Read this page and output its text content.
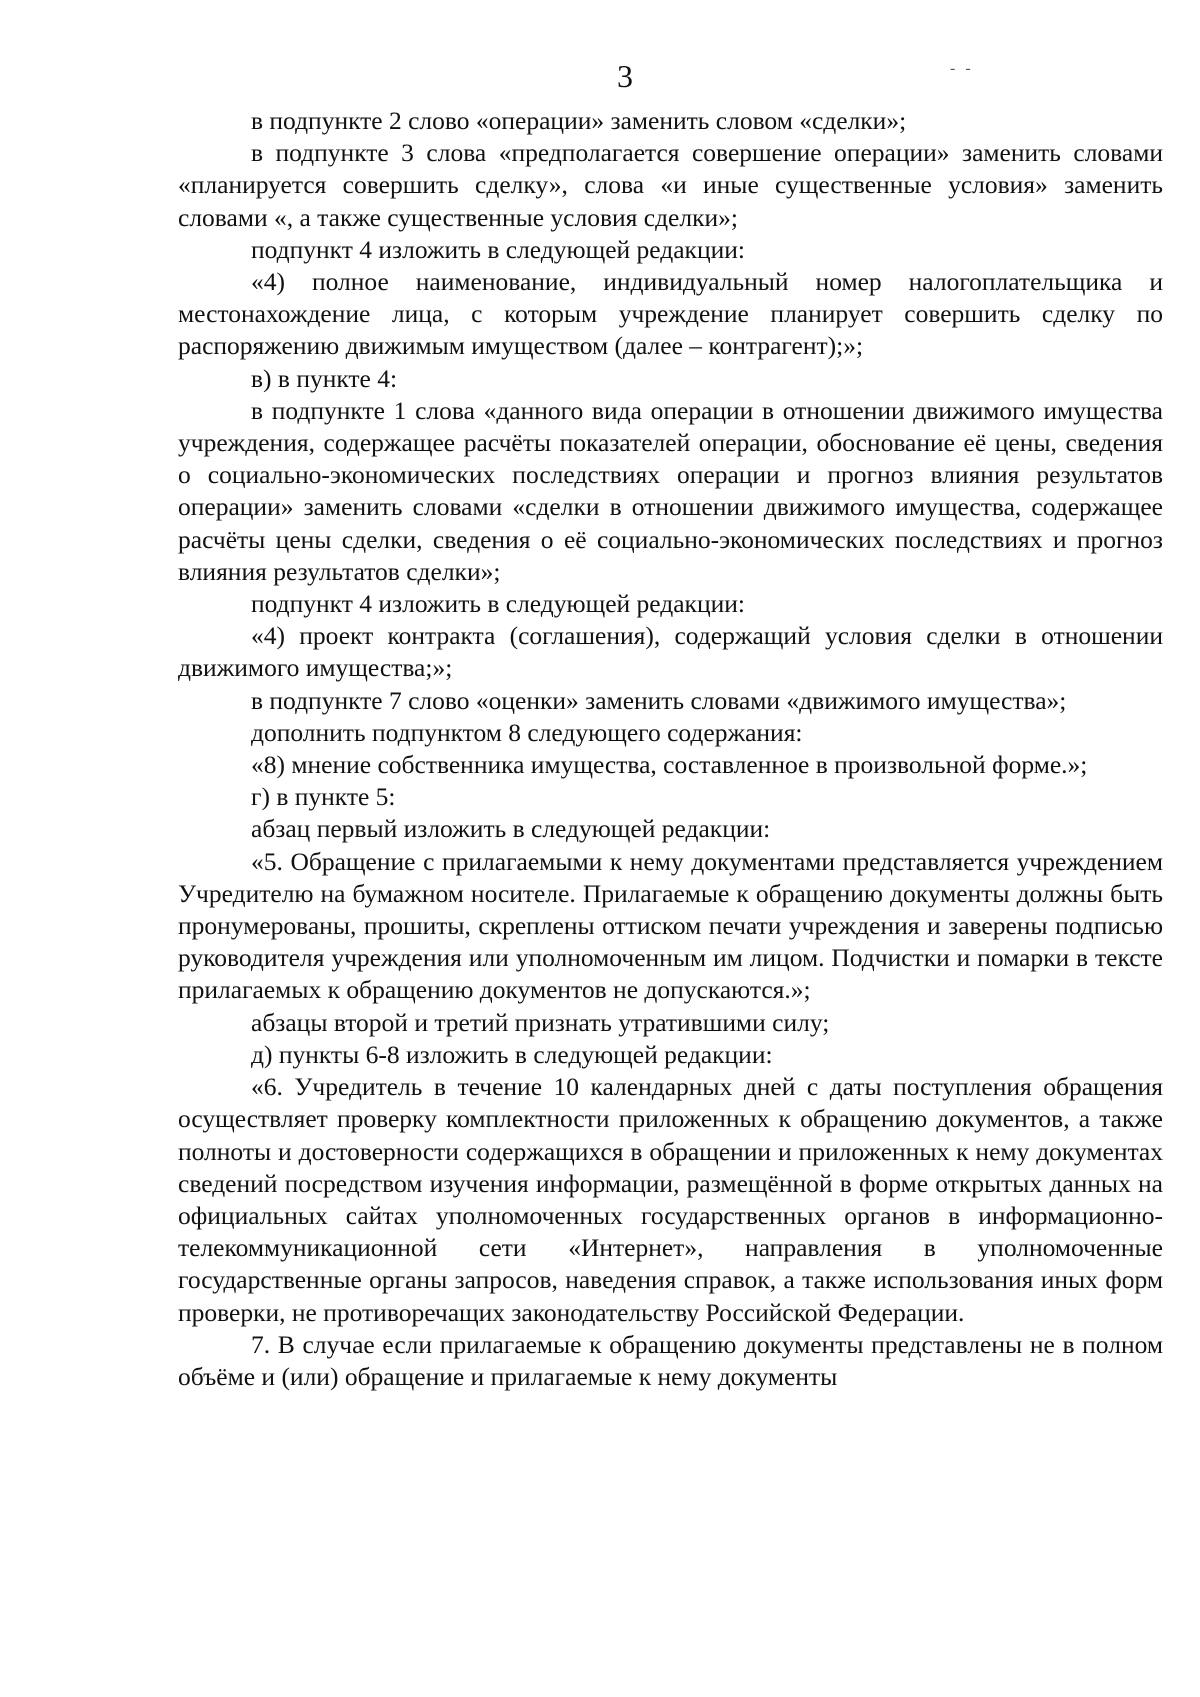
3	- -

в подпункте 2 слово «операции» заменить словом «сделки»;

в подпункте 3 слова «предполагается совершение операции» заменить словами «планируется совершить сделку», слова «и иные существенные условия» заменить словами «, а также существенные условия сделки»;

подпункт 4 изложить в следующей редакции:

«4) полное наименование, индивидуальный номер налогоплательщика и местонахождение лица, с которым учреждение планирует совершить сделку по распоряжению движимым имуществом (далее – контрагент);»;

в) в пункте 4:

в подпункте 1 слова «данного вида операции в отношении движимого имущества учреждения, содержащее расчёты показателей операции, обоснование её цены, сведения о социально-экономических последствиях операции и прогноз влияния результатов операции» заменить словами «сделки в отношении движимого имущества, содержащее расчёты цены сделки, сведения о её социально-экономических последствиях и прогноз влияния результатов сделки»;

подпункт 4 изложить в следующей редакции:

«4) проект контракта (соглашения), содержащий условия сделки в отношении движимого имущества;»;

в подпункте 7 слово «оценки» заменить словами «движимого имущества»;

дополнить подпунктом 8 следующего содержания:

«8) мнение собственника имущества, составленное в произвольной форме.»;

г) в пункте 5:

абзац первый изложить в следующей редакции:

«5. Обращение с прилагаемыми к нему документами представляется учреждением Учредителю на бумажном носителе. Прилагаемые к обращению документы должны быть пронумерованы, прошиты, скреплены оттиском печати учреждения и заверены подписью руководителя учреждения или уполномоченным им лицом. Подчистки и помарки в тексте прилагаемых к обращению документов не допускаются.»;

абзацы второй и третий признать утратившими силу;

д) пункты 6-8 изложить в следующей редакции:

«6. Учредитель в течение 10 календарных дней с даты поступления обращения осуществляет проверку комплектности приложенных к обращению документов, а также полноты и достоверности содержащихся в обращении и приложенных к нему документах сведений посредством изучения информации, размещённой в форме открытых данных на официальных сайтах уполномоченных государственных органов в информационно-телекоммуникационной сети «Интернет», направления в уполномоченные государственные органы запросов, наведения справок, а также использования иных форм проверки, не противоречащих законодательству Российской Федерации.

7. В случае если прилагаемые к обращению документы представлены не в полном объёме и (или) обращение и прилагаемые к нему документы
